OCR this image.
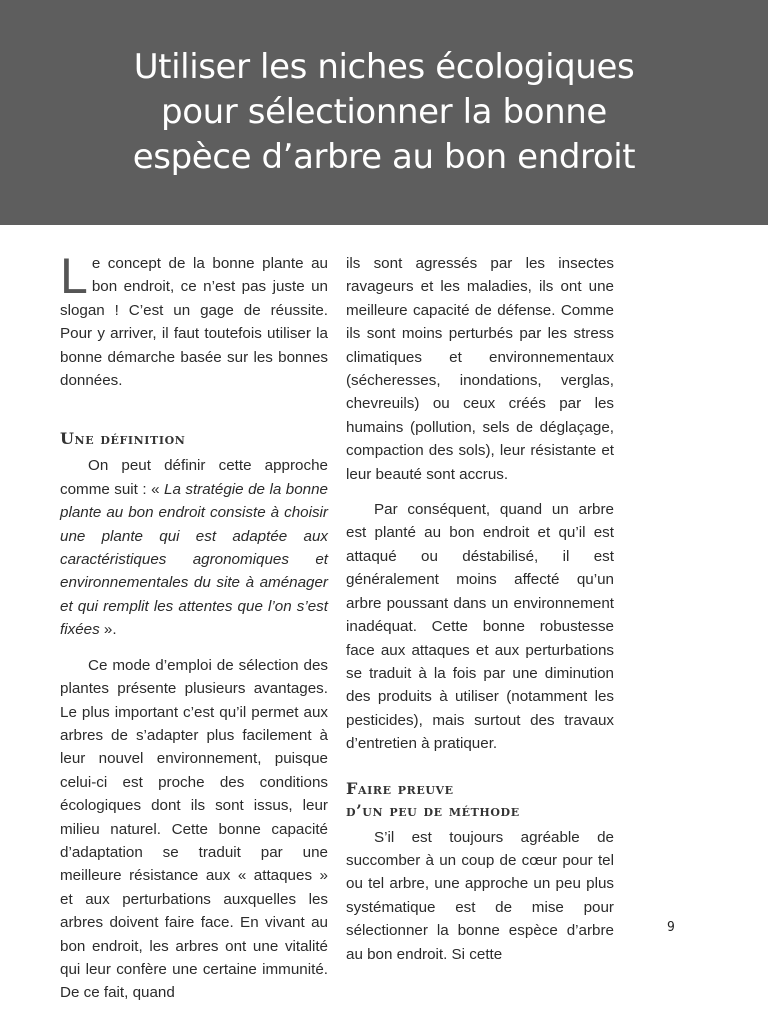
Utiliser les niches écologiques
pour sélectionner la bonne
espèce d’arbre au bon endroit

Le concept de la bonne plante au bon endroit, ce n’est pas juste un slogan ! C’est un gage de réussite. Pour y arriver, il faut toutefois utiliser la bonne démarche basée sur les bonnes données.

Une définition

On peut définir cette approche comme suit : « La stratégie de la bonne plante au bon endroit consiste à choisir une plante qui est adaptée aux caractéristiques agronomiques et environnementales du site à aménager et qui remplit les attentes que l’on s’est fixées ».

Ce mode d’emploi de sélection des plantes présente plusieurs avantages. Le plus important c’est qu’il permet aux arbres de s’adapter plus facilement à leur nouvel environnement, puisque celui-ci est proche des conditions écologiques dont ils sont issus, leur milieu naturel. Cette bonne capacité d’adaptation se traduit par une meilleure résistance aux « attaques » et aux perturbations auxquelles les arbres doivent faire face. En vivant au bon endroit, les arbres ont une vitalité qui leur confère une certaine immunité. De ce fait, quand

ils sont agressés par les insectes ravageurs et les maladies, ils ont une meilleure capacité de défense. Comme ils sont moins perturbés par les stress climatiques et environnementaux (sécheresses, inondations, verglas, chevreuils) ou ceux créés par les humains (pollution, sels de déglaçage, compaction des sols), leur résistante et leur beauté sont accrus.

Par conséquent, quand un arbre est planté au bon endroit et qu’il est attaqué ou déstabilisé, il est généralement moins affecté qu’un arbre poussant dans un environnement inadéquat. Cette bonne robustesse face aux attaques et aux perturbations se traduit à la fois par une diminution des produits à utiliser (notamment les pesticides), mais surtout des travaux d’entretien à pratiquer.

Faire preuve
d’un peu de méthode

S’il est toujours agréable de succomber à un coup de cœur pour tel ou tel arbre, une approche un peu plus systématique est de mise pour sélectionner la bonne espèce d’arbre au bon endroit. Si cette

9
